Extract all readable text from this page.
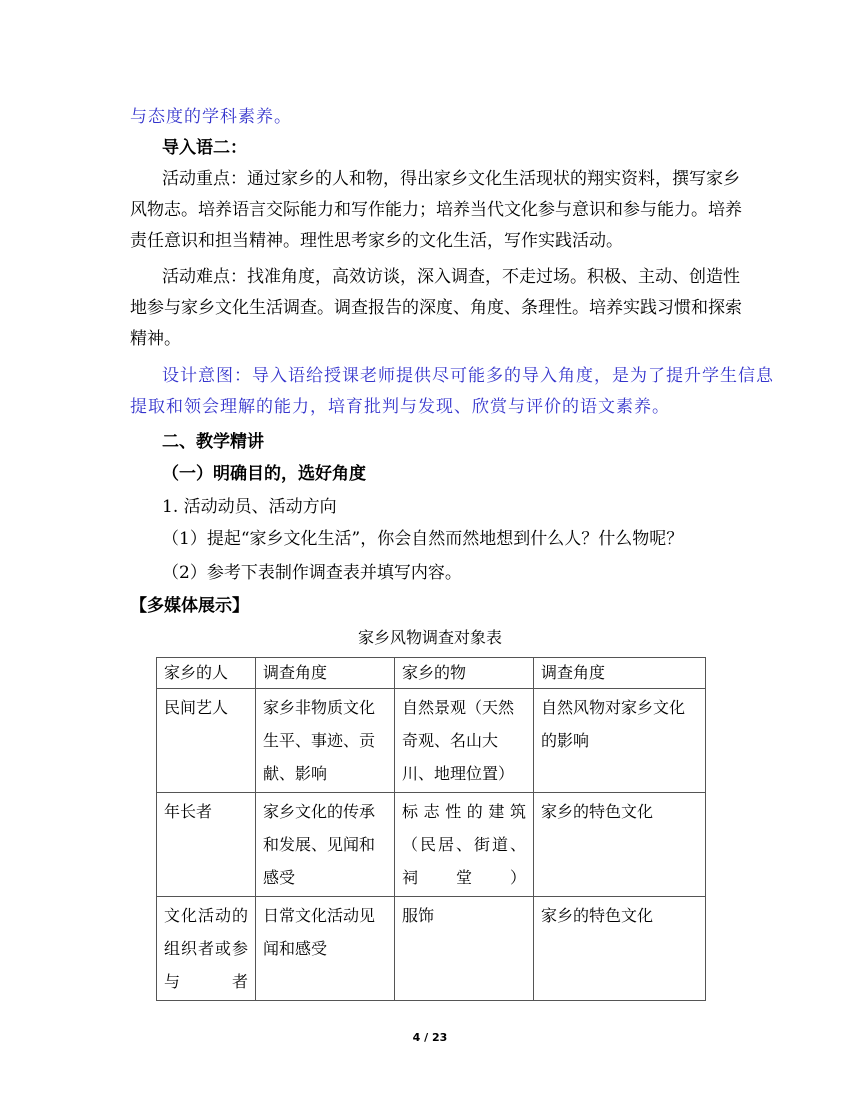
与态度的学科素养。
导入语二：
活动重点：通过家乡的人和物，得出家乡文化生活现状的翔实资料，撰写家乡
风物志。培养语言交际能力和写作能力；培养当代文化参与意识和参与能力。培养
责任意识和担当精神。理性思考家乡的文化生活，写作实践活动。
活动难点：找准角度，高效访谈，深入调查，不走过场。积极、主动、创造性
地参与家乡文化生活调查。调查报告的深度、角度、条理性。培养实践习惯和探索
精神。
设计意图：导入语给授课老师提供尽可能多的导入角度，是为了提升学生信息
提取和领会理解的能力，培育批判与发现、欣赏与评价的语文素养。
二、教学精讲
（一）明确目的，选好角度
1. 活动动员、活动方向
（1）提起“家乡文化生活”，你会自然而然地想到什么人？什么物呢？
（2）参考下表制作调查表并填写内容。
【多媒体展示】
家乡风物调查对象表
家乡的人	调查角度	家乡的物	调查角度
民间艺人	家乡非物质文化生平、事迹、贡献、影响	自然景观（天然奇观、名山大川、地理位置）	自然风物对家乡文化的影响
年长者	家乡文化的传承和发展、见闻和感受	标志性的建筑（民居、街道、祠堂）	家乡的特色文化
文化活动的组织者或参与者	日常文化活动见闻和感受	服饰	家乡的特色文化
4 / 23
